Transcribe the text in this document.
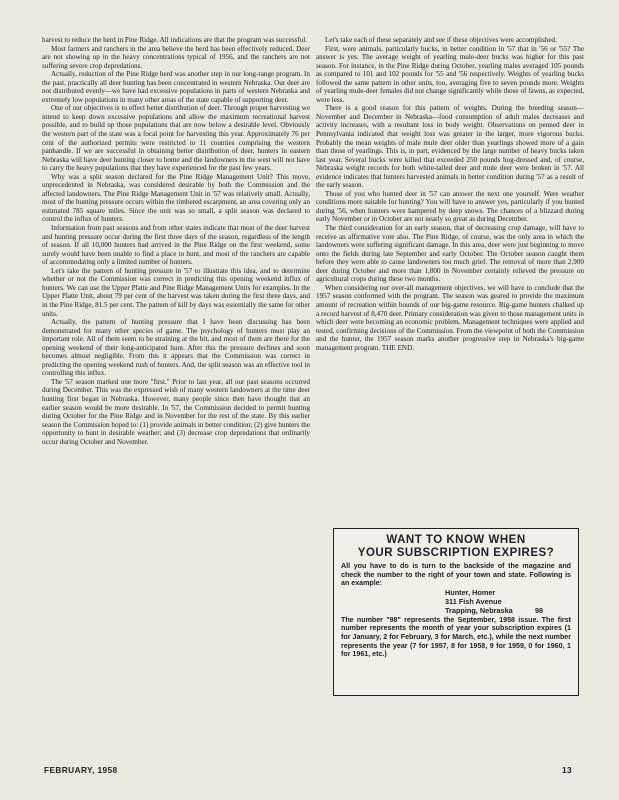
harvest to reduce the herd in Pine Ridge. All indications are that the program was successful.

Most farmers and ranchers in the area believe the herd has been effectively reduced. Deer are not showing up in the heavy concentrations typical of 1956, and the ranchers are not suffering severe crop depredations.

Actually, reduction of the Pine Ridge herd was another step in our long-range program. In the past, practically all deer hunting has been concentrated in western Nebraska. Our deer are not distributed evenly—we have had excessive populations in parts of western Nebraska and extremely low populations in many other areas of the state capable of supporting deer.

One of our objectives is to effect better distribution of deer. Through proper harvesting we intend to keep down excessive populations and allow the maximum recreational harvest possible, and to build up those populations that are now below a desirable level. Obviously the western part of the state was a focal point for harvesting this year. Approximately 76 per cent of the authorized permits were restricted to 11 counties comprising the western panhandle. If we are successful in obtaining better distribution of deer, hunters in eastern Nebraska will have deer hunting closer to home and the landowners in the west will not have to carry the heavy populations that they have experienced for the past few years.

Why was a split season declared for the Pine Ridge Management Unit? This move, unprecedented in Nebraska, was considered desirable by both the Commission and the affected landowners. The Pine Ridge Management Unit in '57 was relatively small. Actually, most of the hunting pressure occurs within the timbered escarpment, an area covering only an estimated 785 square miles. Since the unit was so small, a split season was declared to control the influx of hunters.

Information from past seasons and from other states indicate that most of the deer harvest and hunting pressure occur during the first three days of the season, regardless of the length of season. If all 10,000 hunters had arrived in the Pine Ridge on the first weekend, some surely would have been unable to find a place to hunt, and most of the ranchers are capable of accommodating only a limited number of hunters.

Let's take the pattern of hunting pressure in '57 to illustrate this idea, and to determine whether or not the Commission was correct in predicting this opening weekend influx of hunters. We can use the Upper Platte and Pine Ridge Management Units for examples. In the Upper Platte Unit, about 79 per cent of the harvest was taken during the first three days, and in the Pine Ridge, 81.5 per cent. The pattern of kill by days was essentially the same for other units.

Actually, the pattern of hunting pressure that I have been discussing has been demonstrated for many other species of game. The psychology of hunters must play an important role. All of them seem to be straining at the bit, and most of them are there for the opening weekend of their long-anticipated hunt. After this the pressure declines and soon becomes almost negligible. From this it appears that the Commission was correct in predicting the opening weekend rush of hunters. And, the split season was an effective tool in controlling this influx.

The '57 season marked one more "first." Prior to last year, all our past seasons occurred during December. This was the expressed wish of many western landowners at the time deer hunting first began in Nebraska. However, many people since then have thought that an earlier season would be more desirable. In '57, the Commission decided to permit hunting during October for the Pine Ridge and in November for the rest of the state. By this earlier season the Commission hoped to: (1) provide animals in better condition; (2) give hunters the opportunity to hunt in desirable weather; and (3) decrease crop depredations that ordinarily occur during October and November.

Let's take each of these separately and see if these objectives were accomplished.

First, were animals, particularly bucks, in better condition in '57 that in '56 or '55? The answer is yes. The average weight of yearling mule-deer bucks was higher for this past season. For instance, in the Pine Ridge during October, yearling males averaged 105 pounds as compared to 101 and 102 pounds for '55 and '56 respectively. Weights of yearling bucks followed the same pattern in other units, too, averaging five to seven pounds more. Weights of yearling mule-deer females did not change significantly while those of fawns, as expected, were less.

There is a good reason for this pattern of weights. During the breeding season—November and December in Nebraska—food consumption of adult males decreases and activity increases, with a resultant loss in body weight. Observations on penned deer in Pennsylvania indicated that weight loss was greater in the larger, more vigorous bucks. Probably the mean weights of male mule deer older than yearlings showed more of a gain than those of yearlings. This is, in part, evidenced by the large number of heavy bucks taken last year. Several bucks were killed that exceeded 250 pounds hog-dressed and, of course, Nebraska weight records for both white-tailed deer and mule deer were broken in '57. All evidence indicates that hunters harvested animals in better condition during '57 as a result of the early season.

Those of you who hunted deer in '57 can answer the next one yourself. Were weather conditions more suitable for hunting? You will have to answer yes, particularly if you hunted during '56, when hunters were hampered by deep snows. The chances of a blizzard during early November or in October are not nearly so great as during December.

The third consideration for an early season, that of decreasing crop damage, will have to receive an affirmative vote also. The Pine Ridge, of course, was the only area in which the landowners were suffering significant damage. In this area, deer were just beginning to move onto the fields during late September and early October. The October season caught them before they were able to cause landowners too much grief. The removal of more than 2,900 deer during October and more than 1,800 in November certainly relieved the pressure on agricultural crops during these two months.

When considering our over-all management objectives, we will have to conclude that the 1957 season conformed with the program. The season was geared to provide the maximum amount of recreation within bounds of our big-game resource. Big-game hunters chalked up a record harvest of 8,470 deer. Primary consideration was given to those management units in which deer were becoming an economic problem. Management techniques were applied and tested, confirming decisions of the Commission. From the viewpoint of both the Commission and the hunter, the 1957 season marks another progressive step in Nebraska's big-game management program. THE END.

WANT TO KNOW WHEN
YOUR SUBSCRIPTION EXPIRES?

All you have to do is turn to the backside of the magazine and check the number to the right of your town and state. Following is an example:

Hunter, Homer
311 Fish Avenue
Trapping, Nebraska	98

The number "98" represents the September, 1958 issue. The first number represents the month of year your subscription expires (1 for January, 2 for February, 3 for March, etc.), while the next number represents the year (7 for 1957, 8 for 1958, 9 for 1959, 0 for 1960, 1 for 1961, etc.)

FEBRUARY, 1958	13
